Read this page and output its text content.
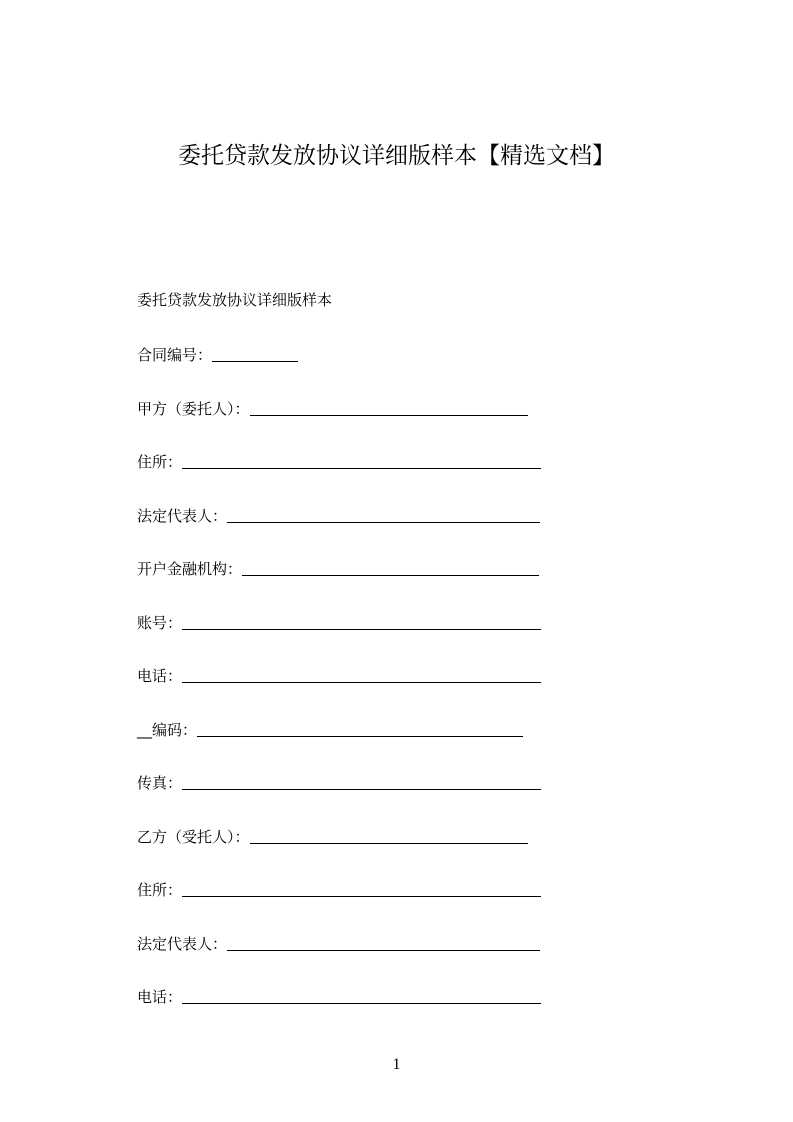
委托贷款发放协议详细版样本【精选文档】
委托贷款发放协议详细版样本
合同编号：
甲方（委托人）：
住所：
法定代表人：
开户金融机构：
账号：
电话：
__编码：
传真：
乙方（受托人）：
住所：
法定代表人：
电话：
1
